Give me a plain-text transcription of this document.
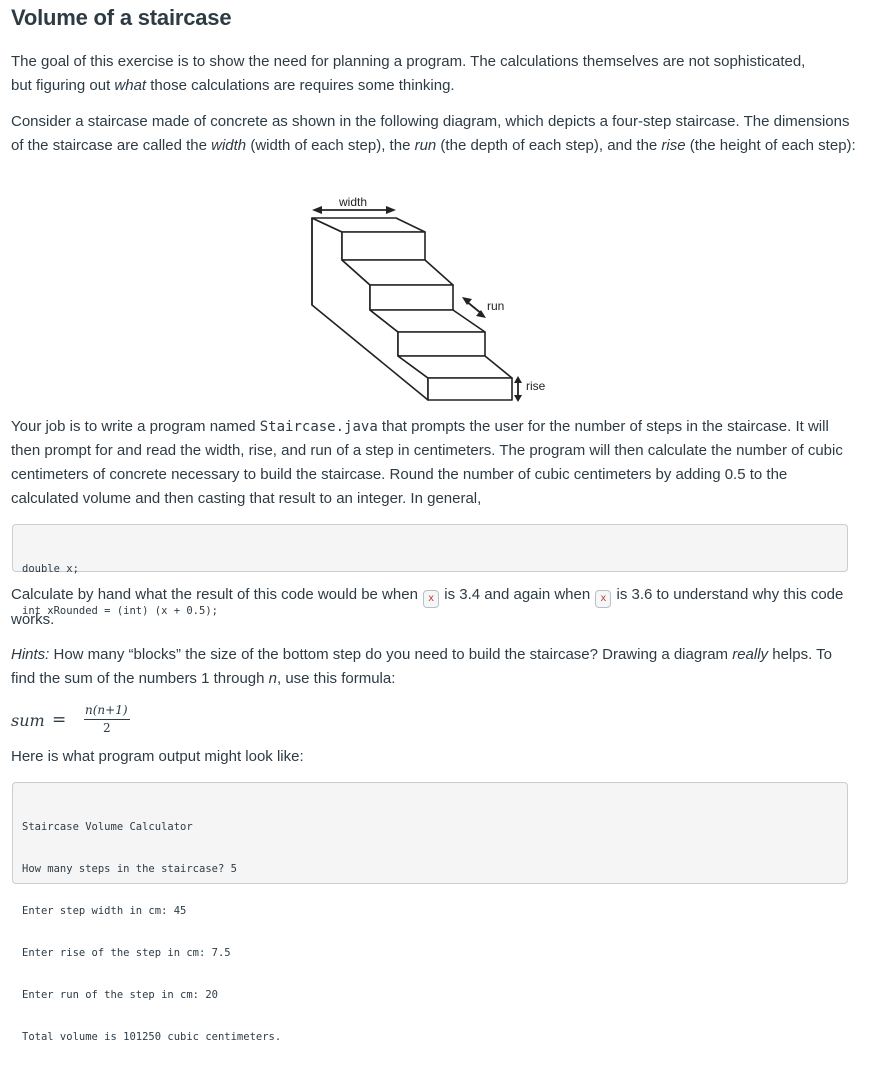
Volume of a staircase

The goal of this exercise is to show the need for planning a program. The calculations themselves are not sophisticated,
but figuring out what those calculations are requires some thinking.

Consider a staircase made of concrete as shown in the following diagram, which depicts a four-step staircase. The dimensions of the staircase are called the width (width of each step), the run (the depth of each step), and the rise (the height of each step):

width
run
rise

Your job is to write a program named Staircase.java that prompts the user for the number of steps in the staircase. It will then prompt for and read the width, rise, and run of a step in centimeters. The program will then calculate the number of cubic centimeters of concrete necessary to build the staircase. Round the number of cubic centimeters by adding 0.5 to the calculated volume and then casting that result to an integer. In general,

double x;

int xRounded = (int) (x + 0.5);

Calculate by hand what the result of this code would be when x is 3.4 and again when x is 3.6 to understand why this code works.

Hints: How many “blocks” the size of the bottom step do you need to build the staircase? Drawing a diagram really helps. To find the sum of the numbers 1 through n, use this formula:

sum = n(n+1)
2

Here is what program output might look like:

Staircase Volume Calculator

How many steps in the staircase? 5

Enter step width in cm: 45

Enter rise of the step in cm: 7.5

Enter run of the step in cm: 20

Total volume is 101250 cubic centimeters.
